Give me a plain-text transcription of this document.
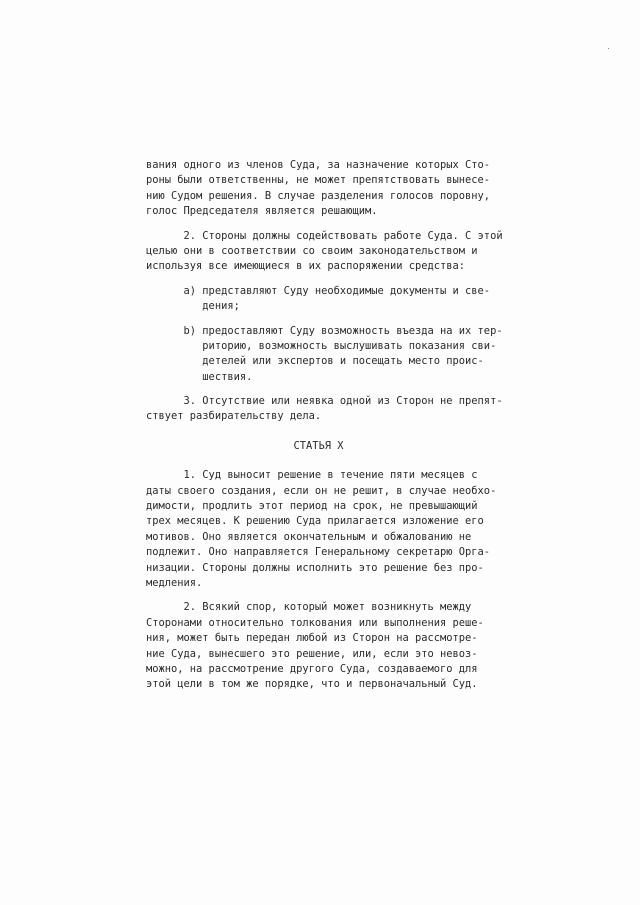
вания одного из членов Суда, за назначение которых Сто-
роны были ответственны, не может препятствовать вынесе-
нию Судом решения. В случае разделения голосов поровну,
голос Председателя является решающим.
2. Стороны должны содействовать работе Суда. С этой
целью они в соответствии со своим законодательством и
используя все имеющиеся в их распоряжении средства:
а) представляют Суду необходимые документы и све-
дения;
b) предоставляют Суду возможность въезда на их тер-
риторию, возможность выслушивать показания сви-
детелей или экспертов и посещать место проис-
шествия.
3. Отсутствие или неявка одной из Сторон не препят-
ствует разбирательству дела.
СТАТЬЯ X
1. Суд выносит решение в течение пяти месяцев с
даты своего создания, если он не решит, в случае необхо-
димости, продлить этот период на срок, не превышающий
трех месяцев. К решению Суда прилагается изложение его
мотивов. Оно является окончательным и обжалованию не
подлежит. Оно направляется Генеральному секретарю Орга-
низации. Стороны должны исполнить это решение без про-
медления.
2. Всякий спор, который может возникнуть между
Сторонами относительно толкования или выполнения реше-
ния, может быть передан любой из Сторон на рассмотре-
ние Суда, вынесшего это решение, или, если это невоз-
можно, на рассмотрение другого Суда, создаваемого для
этой цели в том же порядке, что и первоначальный Суд.
